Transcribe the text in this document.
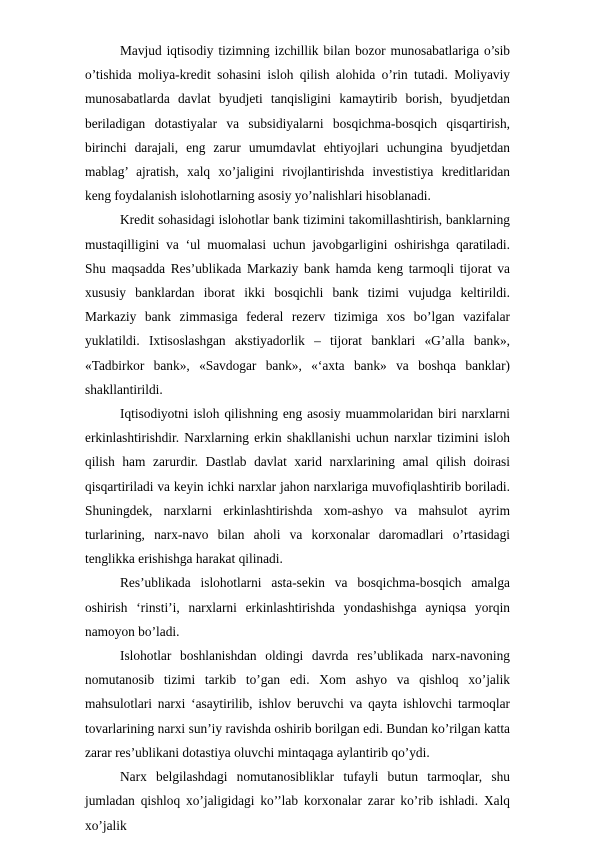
Mavjud iqtisodiy tizimning izchillik bilan bozor munosabatlariga o’sib o’tishida moliya-kredit sohasini isloh qilish alohida o’rin tutadi. Moliyaviy munosabatlarda davlat byudjeti tanqisligini kamaytirib borish, byudjetdan beriladigan dotastiyalar va subsidiyalarni bosqichma-bosqich qisqartirish, birinchi darajali, eng zarur umumdavlat ehtiyojlari uchungina byudjetdan mablag’ ajratish, xalq xo’jaligini rivojlantirishda investistiya kreditlaridan keng foydalanish islohotlarning asosiy yo’nalishlari hisoblanadi.

Kredit sohasidagi islohotlar bank tizimini takomillashtirish, banklarning mustaqilligini va ‘ul muomalasi uchun javobgarligini oshirishga qaratiladi. Shu maqsadda Res’ublikada Markaziy bank hamda keng tarmoqli tijorat va xususiy banklardan iborat ikki bosqichli bank tizimi vujudga keltirildi. Markaziy bank zimmasiga federal rezerv tizimiga xos bo’lgan vazifalar yuklatildi. Ixtisoslashgan akstiyadorlik – tijorat banklari «G’alla bank», «Tadbirkor bank», «Savdogar bank», «‘axta bank» va boshqa banklar) shakllantirildi.

Iqtisodiyotni isloh qilishning eng asosiy muammolaridan biri narxlarni erkinlashtirishdir. Narxlarning erkin shakllanishi uchun narxlar tizimini isloh qilish ham zarurdir. Dastlab davlat xarid narxlarining amal qilish doirasi qisqartiriladi va keyin ichki narxlar jahon narxlariga muvofiqlashtirib boriladi. Shuningdek, narxlarni erkinlashtirishda xom-ashyo va mahsulot ayrim turlarining, narx-navo bilan aholi va korxonalar daromadlari o’rtasidagi tenglikka erishishga harakat qilinadi.

Res’ublikada islohotlarni asta-sekin va bosqichma-bosqich amalga oshirish ‘rinsti’i, narxlarni erkinlashtirishda yondashishga ayniqsa yorqin namoyon bo’ladi.

Islohotlar boshlanishdan oldingi davrda res’ublikada narx-navoning nomutanosib tizimi tarkib to’gan edi. Xom ashyo va qishloq xo’jalik mahsulotlari narxi ‘asaytirilib, ishlov beruvchi va qayta ishlovchi tarmoqlar tovarlarining narxi sun’iy ravishda oshirib borilgan edi. Bundan ko’rilgan katta zarar res’ublikani dotastiya oluvchi mintaqaga aylantirib qo’ydi.

Narx belgilashdagi nomutanosibliklar tufayli butun tarmoqlar, shu jumladan qishloq xo’jaligidagi ko’’lab korxonalar zarar ko’rib ishladi. Xalq xo’jalik
